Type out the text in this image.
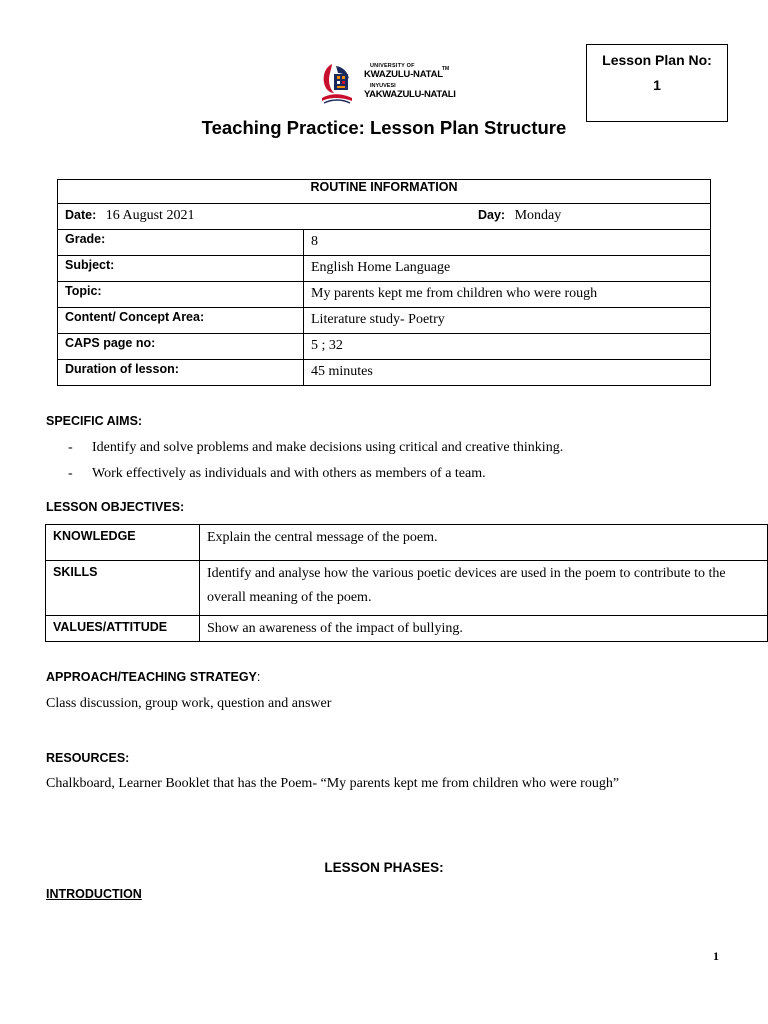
Lesson Plan No:
1
UNIVERSITY OF
KWAZULU-NATAL
INYUVESI
YAKWAZULU-NATALI
TM
Teaching Practice: Lesson Plan Structure
ROUTINE INFORMATION	
Date: 16 August 2021 Day: Monday	

Grade:	8
Subject:	English Home Language
Topic:	My parents kept me from children who were rough
Content/ Concept Area:	Literature study- Poetry
CAPS page no:	5 ; 32
Duration of lesson:	45 minutes
SPECIFIC AIMS:
- Identify and solve problems and make decisions using critical and creative thinking.
- Work effectively as individuals and with others as members of a team.
LESSON OBJECTIVES:
KNOWLEDGE	Explain the central message of the poem.
SKILLS	Identify and analyse how the various poetic devices are used in the poem to contribute to the overall meaning of the poem.
VALUES/ATTITUDE	Show an awareness of the impact of bullying.
APPROACH/TEACHING STRATEGY:
Class discussion, group work, question and answer
RESOURCES:
Chalkboard, Learner Booklet that has the Poem- “My parents kept me from children who were rough”
LESSON PHASES:
INTRODUCTION
1
